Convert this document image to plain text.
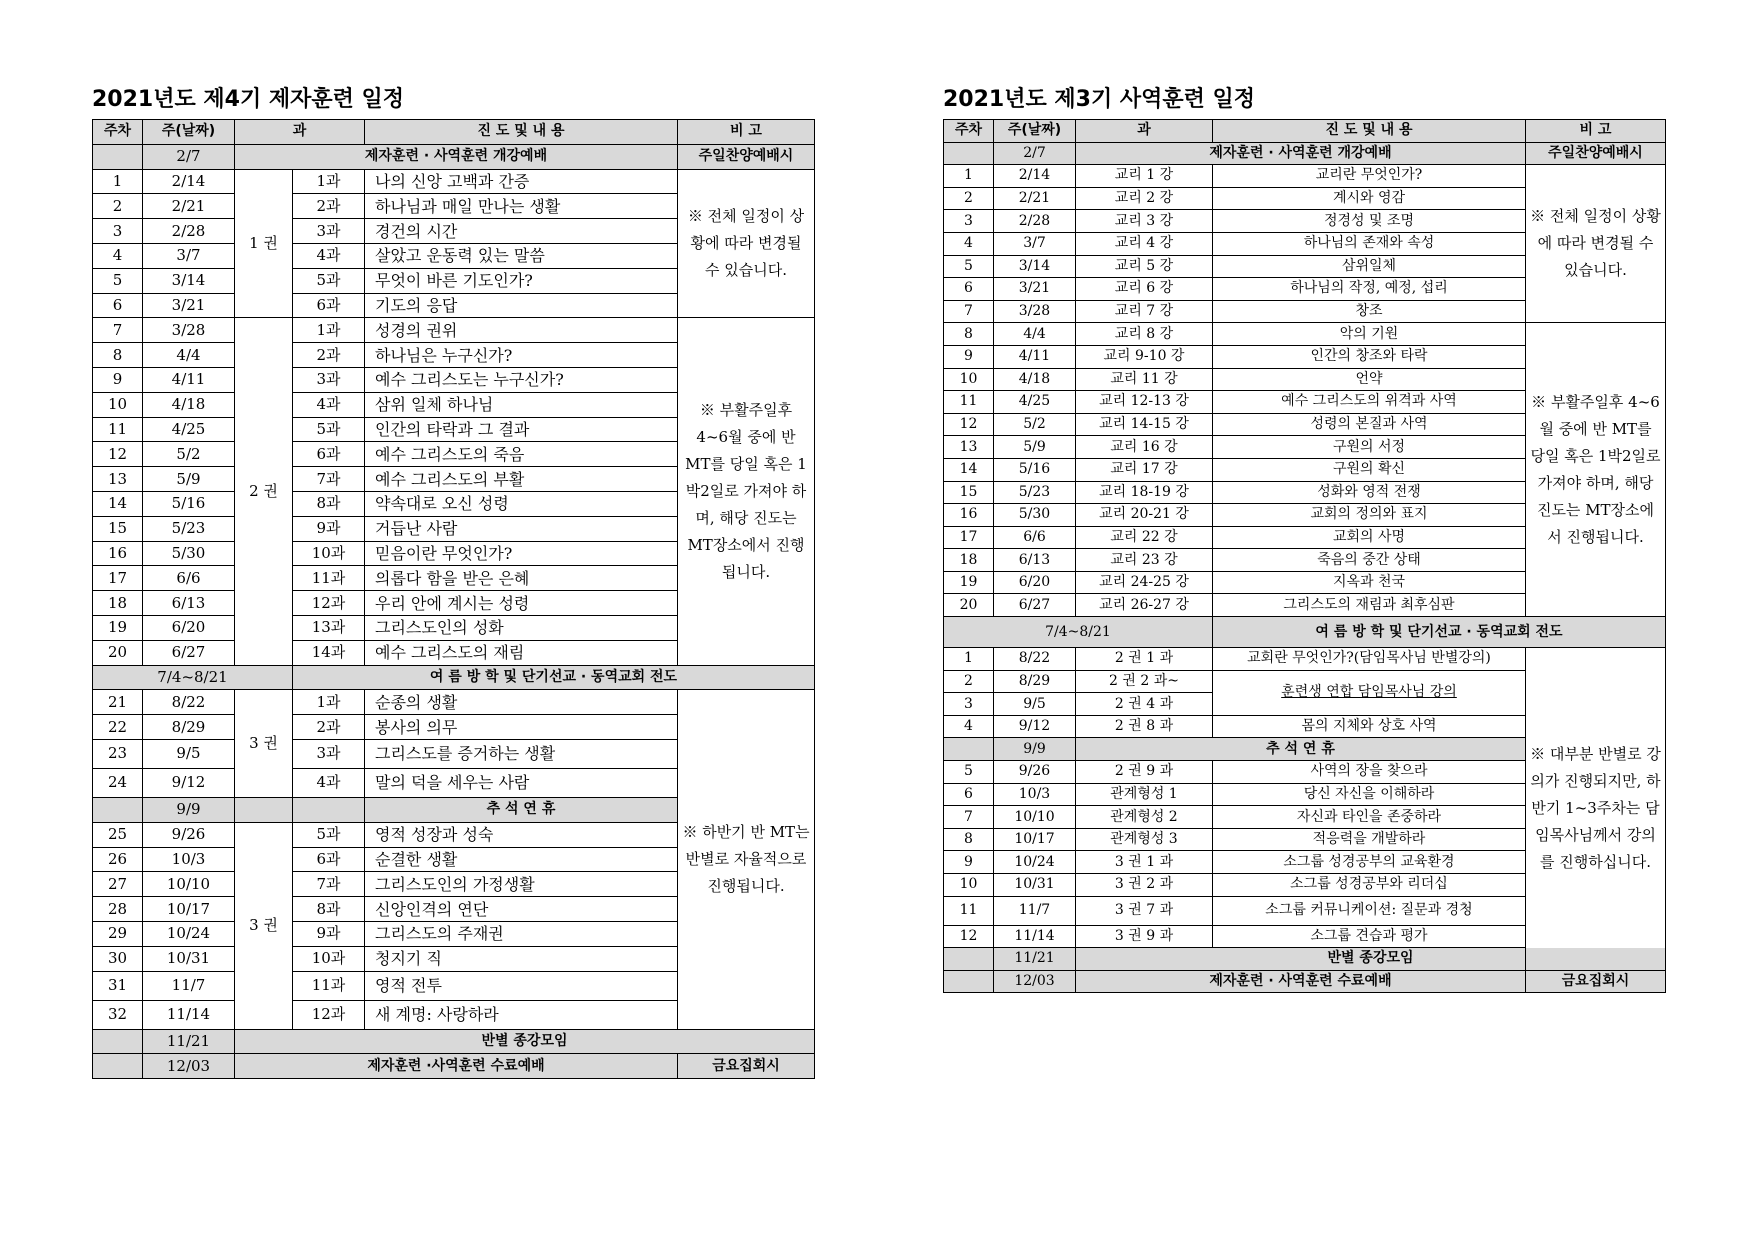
2021년도 제4기 제자훈련 일정
주차	주(날짜)	과		진 도 및 내 용	비 고
	2/7	제자훈련 · 사역훈련 개강예배			주일찬양예배시
1	2/14	1 권	1과	나의 신앙 고백과 간증	※ 전체 일정이 상황에 따라 변경될 수 있습니다.
2	2/21		2과	하나님과 매일 만나는 생활	
3	2/28		3과	경건의 시간	
4	3/7		4과	살았고 운동력 있는 말씀	
5	3/14		5과	무엇이 바른 기도인가?	
6	3/21		6과	기도의 응답	
7	3/28	2 권	1과	성경의 권위	※ 부활주일후 4~6월 중에 반 MT를 당일 혹은 1박2일로 가져야 하며, 해당 진도는 MT장소에서 진행됩니다.
8	4/4		2과	하나님은 누구신가?	
9	4/11		3과	예수 그리스도는 누구신가?	
10	4/18		4과	삼위 일체 하나님	
11	4/25		5과	인간의 타락과 그 결과	
12	5/2		6과	예수 그리스도의 죽음	
13	5/9		7과	예수 그리스도의 부활	
14	5/16		8과	약속대로 오신 성령	
15	5/23		9과	거듭난 사람	
16	5/30		10과	믿음이란 무엇인가?	
17	6/6		11과	의롭다 함을 받은 은혜	
18	6/13		12과	우리 안에 계시는 성령	
19	6/20		13과	그리스도인의 성화	
20	6/27		14과	예수 그리스도의 재림	
7/4~8/21			여 름 방 학 및 단기선교 · 동역교회 전도		
21	8/22	3 권	1과	순종의 생활	※ 하반기 반 MT는 반별로 자율적으로 진행됩니다.
22	8/29		2과	봉사의 의무	
23	9/5		3과	그리스도를 증거하는 생활	
24	9/12		4과	말의 덕을 세우는 사람	
	9/9			추 석 연 휴	
25	9/26	3 권	5과	영적 성장과 성숙	
26	10/3		6과	순결한 생활	
27	10/10		7과	그리스도인의 가정생활	
28	10/17		8과	신앙인격의 연단	
29	10/24		9과	그리스도의 주재권	
30	10/31		10과	청지기 직	
31	11/7		11과	영적 전투	
32	11/14		12과	새 계명: 사랑하라	
	11/21	반별 종강모임			
	12/03	제자훈련 ·사역훈련 수료예배			금요집회시
2021년도 제3기 사역훈련 일정
주차	주(날짜)	과	진 도 및 내 용	비 고
	2/7	제자훈련 · 사역훈련 개강예배		주일찬양예배시
1	2/14	교리 1 강	교리란 무엇인가?	※ 전체 일정이 상황에 따라 변경될 수 있습니다.
2	2/21	교리 2 강	계시와 영감	
3	2/28	교리 3 강	정경성 및 조명	
4	3/7	교리 4 강	하나님의 존재와 속성	
5	3/14	교리 5 강	삼위일체	
6	3/21	교리 6 강	하나님의 작정, 예정, 섭리	
7	3/28	교리 7 강	창조	
8	4/4	교리 8 강	악의 기원	※ 부활주일후 4~6월 중에 반 MT를 당일 혹은 1박2일로 가져야 하며, 해당 진도는 MT장소에서 진행됩니다.
9	4/11	교리 9-10 강	인간의 창조와 타락	
10	4/18	교리 11 강	언약	
11	4/25	교리 12-13 강	예수 그리스도의 위격과 사역	
12	5/2	교리 14-15 강	성령의 본질과 사역	
13	5/9	교리 16 강	구원의 서정	
14	5/16	교리 17 강	구원의 확신	
15	5/23	교리 18-19 강	성화와 영적 전쟁	
16	5/30	교리 20-21 강	교회의 정의와 표지	
17	6/6	교리 22 강	교회의 사명	
18	6/13	교리 23 강	죽음의 중간 상태	
19	6/20	교리 24-25 강	지옥과 천국	
20	6/27	교리 26-27 강	그리스도의 재림과 최후심판	
7/4~8/21			여 름 방 학 및 단기선교 · 동역교회 전도	
1	8/22	2 권 1 과	교회란 무엇인가?(담임목사님 반별강의)	※ 대부분 반별로 강의가 진행되지만, 하반기 1~3주차는 담임목사님께서 강의를 진행하십니다.
2	8/29	2 권 2 과~	훈련생 연합 담임목사님 강의	
3	9/5	2 권 4 과		
4	9/12	2 권 8 과	몸의 지체와 상호 사역	
	9/9	추 석 연 휴		
5	9/26	2 권 9 과	사역의 장을 찾으라	
6	10/3	관계형성 1	당신 자신을 이해하라	
7	10/10	관계형성 2	자신과 타인을 존중하라	
8	10/17	관계형성 3	적응력을 개발하라	
9	10/24	3 권 1 과	소그룹 성경공부의 교육환경	
10	10/31	3 권 2 과	소그룹 성경공부와 리더십	
11	11/7	3 권 7 과	소그룹 커뮤니케이션: 질문과 경청	
12	11/14	3 권 9 과	소그룹 견습과 평가	
	11/21	반별 종강모임		
	12/03	제자훈련 · 사역훈련 수료예배		금요집회시
